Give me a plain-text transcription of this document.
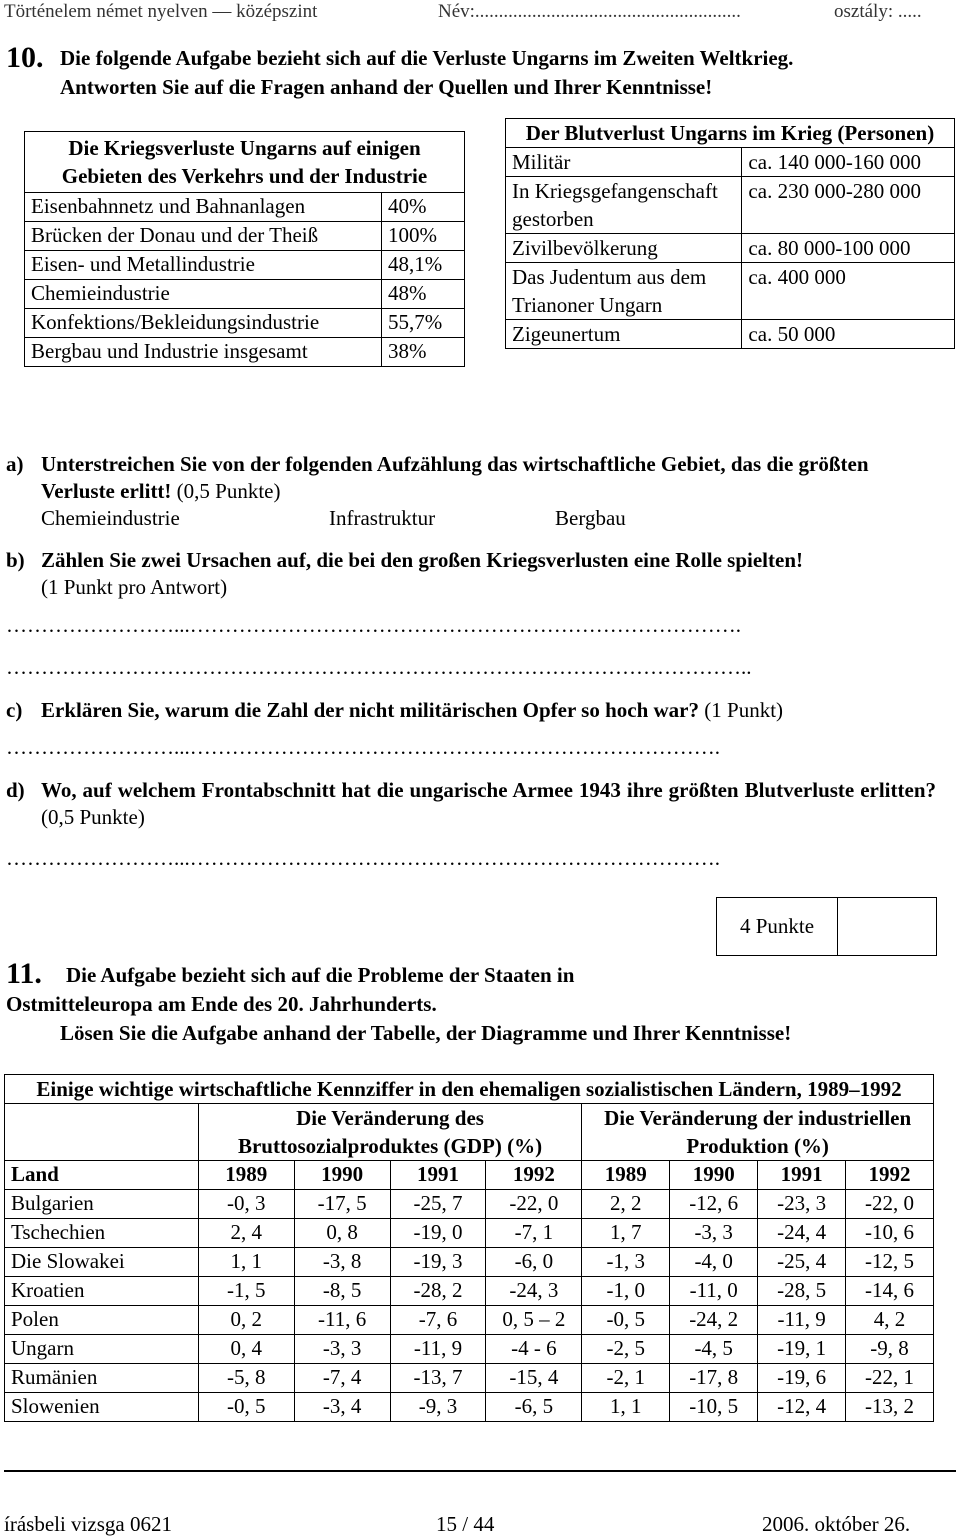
Történelem német nyelven — középszint	Név:........................................................	osztály: .....
10. Die folgende Aufgabe bezieht sich auf die Verluste Ungarns im Zweiten Weltkrieg.
Antworten Sie auf die Fragen anhand der Quellen und Ihrer Kenntnisse!
Die Kriegsverluste Ungarns auf einigen Gebieten des Verkehrs und der Industrie	
Eisenbahnnetz und Bahnanlagen	40%
Brücken der Donau und der Theiß	100%
Eisen- und Metallindustrie	48,1%
Chemieindustrie	48%
Konfektions/Bekleidungsindustrie	55,7%
Bergbau und Industrie insgesamt	38%
Der Blutverlust Ungarns im Krieg (Personen)	
Militär	ca. 140 000-160 000
In Kriegsgefangenschaft gestorben	ca. 230 000-280 000
Zivilbevölkerung	ca. 80 000-100 000
Das Judentum aus dem Trianoner Ungarn	ca. 400 000
Zigeunertum	ca. 50 000
a) Unterstreichen Sie von der folgenden Aufzählung das wirtschaftliche Gebiet, das die größten Verluste erlitt! (0,5 Punkte)
Chemieindustrie	Infrastruktur	Bergbau
b) Zählen Sie zwei Ursachen auf, die bei den großen Kriegsverlusten eine Rolle spielten!
(1 Punkt pro Antwort)
……………………...…………………………………………………………………….
……………………………………………………………………………………………..
c) Erklären Sie, warum die Zahl der nicht militärischen Opfer so hoch war? (1 Punkt)
……………………...………………………………………………………………….
d) Wo, auf welchem Frontabschnitt hat die ungarische Armee 1943 ihre größten Blutverluste erlitten? (0,5 Punkte)
……………………...………………………………………………………………….
4 Punkte
11. Die Aufgabe bezieht sich auf die Probleme der Staaten in
Ostmitteleuropa am Ende des 20. Jahrhunderts.
Lösen Sie die Aufgabe anhand der Tabelle, der Diagramme und Ihrer Kenntnisse!
Einige wichtige wirtschaftliche Kennziffer in den ehemaligen sozialistischen Ländern, 1989–1992								
	Die Veränderung des Bruttosozialproduktes (GDP) (%)				Die Veränderung der industriellen Produktion (%)			
Land	1989	1990	1991	1992	1989	1990	1991	1992
Bulgarien	-0, 3	-17, 5	-25, 7	-22, 0	2, 2	-12, 6	-23, 3	-22, 0
Tschechien	2, 4	0, 8	-19, 0	-7, 1	1, 7	-3, 3	-24, 4	-10, 6
Die Slowakei	1, 1	-3, 8	-19, 3	-6, 0	-1, 3	-4, 0	-25, 4	-12, 5
Kroatien	-1, 5	-8, 5	-28, 2	-24, 3	-1, 0	-11, 0	-28, 5	-14, 6
Polen	0, 2	-11, 6	-7, 6	0, 5 – 2	-0, 5	-24, 2	-11, 9	4, 2
Ungarn	0, 4	-3, 3	-11, 9	-4 - 6	-2, 5	-4, 5	-19, 1	-9, 8
Rumänien	-5, 8	-7, 4	-13, 7	-15, 4	-2, 1	-17, 8	-19, 6	-22, 1
Slowenien	-0, 5	-3, 4	-9, 3	-6, 5	1, 1	-10, 5	-12, 4	-13, 2
írásbeli vizsga 0621	15 / 44	2006. október 26.
